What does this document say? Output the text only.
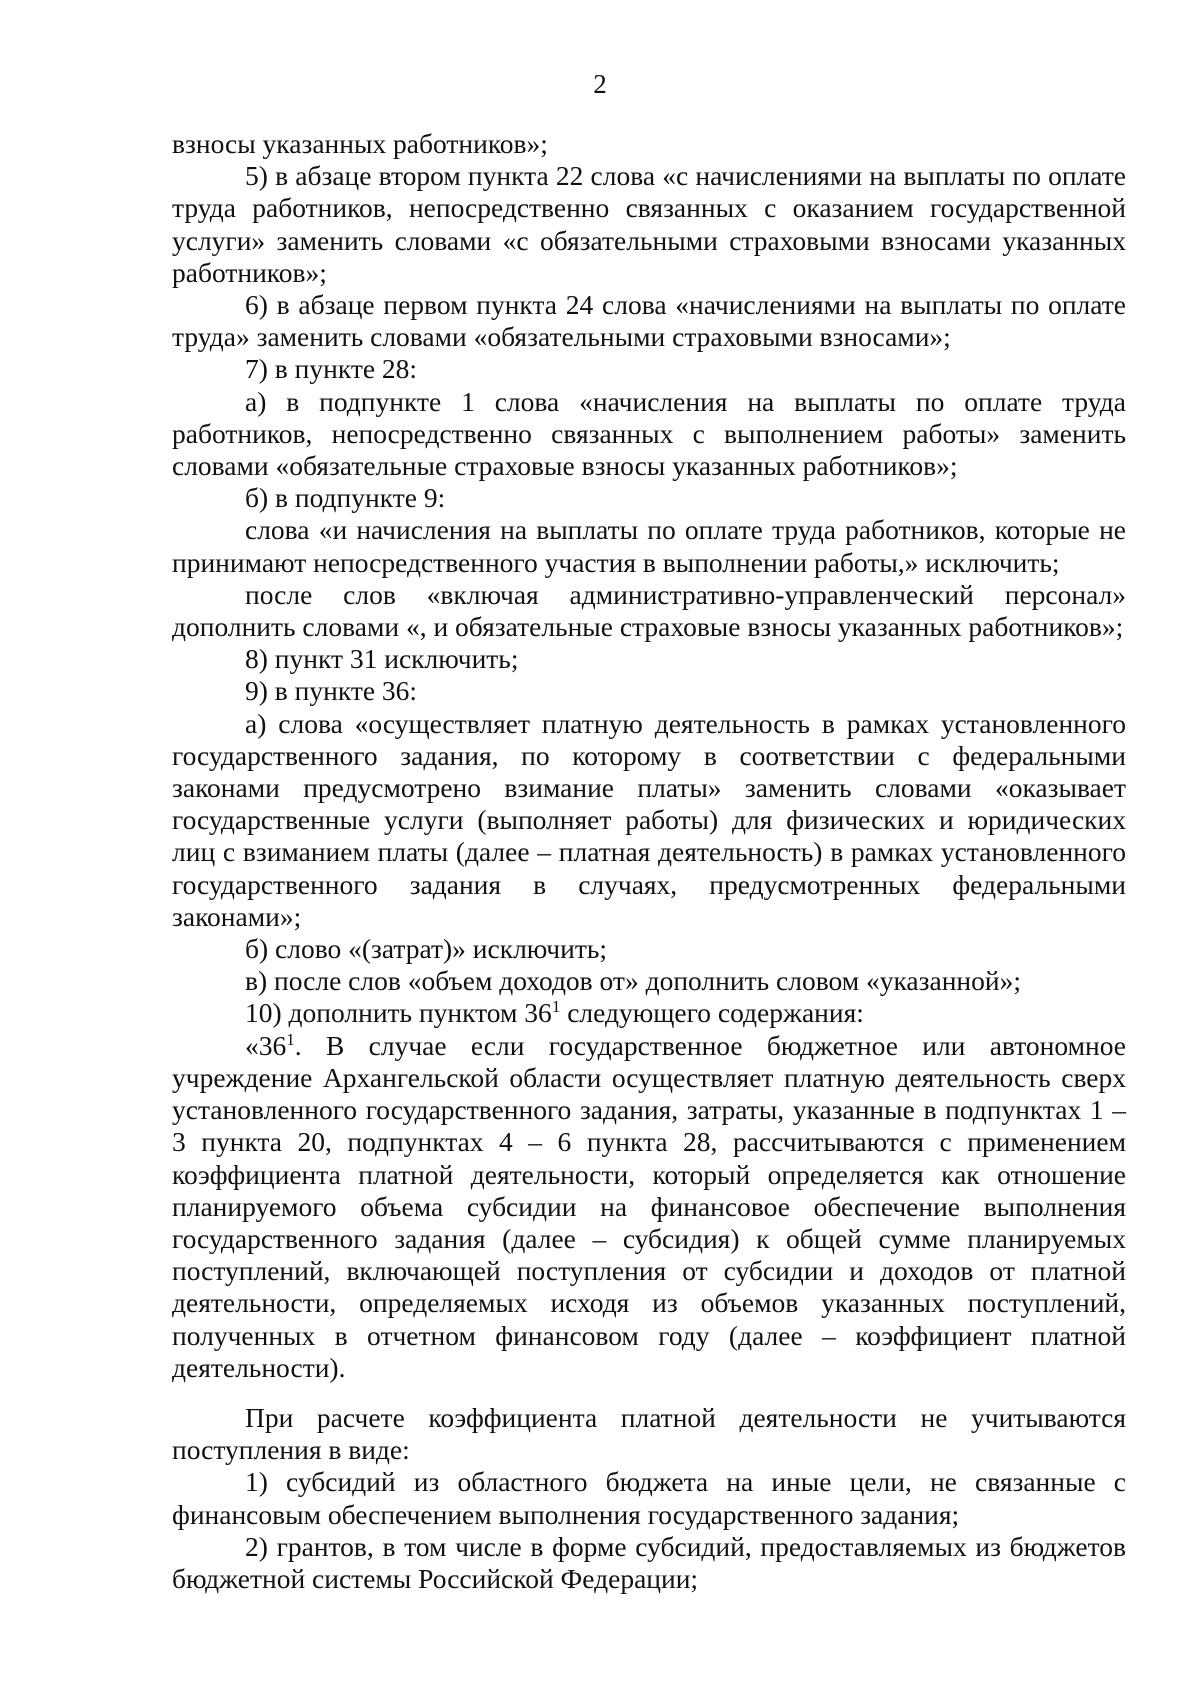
2

взносы указанных работников»;

5) в абзаце втором пункта 22 слова «с начислениями на выплаты по оплате труда работников, непосредственно связанных с оказанием государственной услуги» заменить словами «с обязательными страховыми взносами указанных работников»;

6) в абзаце первом пункта 24 слова «начислениями на выплаты по оплате труда» заменить словами «обязательными страховыми взносами»;

7) в пункте 28:

а) в подпункте 1 слова «начисления на выплаты по оплате труда работников, непосредственно связанных с выполнением работы» заменить словами «обязательные страховые взносы указанных работников»;

б) в подпункте 9:

слова «и начисления на выплаты по оплате труда работников, которые не принимают непосредственного участия в выполнении работы,» исключить;

после слов «включая административно-управленческий персонал» дополнить словами «, и обязательные страховые взносы указанных работников»;

8) пункт 31 исключить;

9) в пункте 36:

а) слова «осуществляет платную деятельность в рамках установленного государственного задания, по которому в соответствии с федеральными законами предусмотрено взимание платы» заменить словами «оказывает государственные услуги (выполняет работы) для физических и юридических лиц с взиманием платы (далее – платная деятельность) в рамках установленного государственного задания в случаях, предусмотренных федеральными законами»;

б) слово «(затрат)» исключить;

в) после слов «объем доходов от» дополнить словом «указанной»;

10) дополнить пунктом $36^1$ следующего содержания:

«$36^1$. В случае если государственное бюджетное или автономное учреждение Архангельской области осуществляет платную деятельность сверх установленного государственного задания, затраты, указанные в подпунктах 1 – 3 пункта 20, подпунктах 4 – 6 пункта 28, рассчитываются с применением коэффициента платной деятельности, который определяется как отношение планируемого объема субсидии на финансовое обеспечение выполнения государственного задания (далее – субсидия) к общей сумме планируемых поступлений, включающей поступления от субсидии и доходов от платной деятельности, определяемых исходя из объемов указанных поступлений, полученных в отчетном финансовом году (далее – коэффициент платной деятельности).

При расчете коэффициента платной деятельности не учитываются поступления в виде:

1) субсидий из областного бюджета на иные цели, не связанные с финансовым обеспечением выполнения государственного задания;

2) грантов, в том числе в форме субсидий, предоставляемых из бюджетов бюджетной системы Российской Федерации;
